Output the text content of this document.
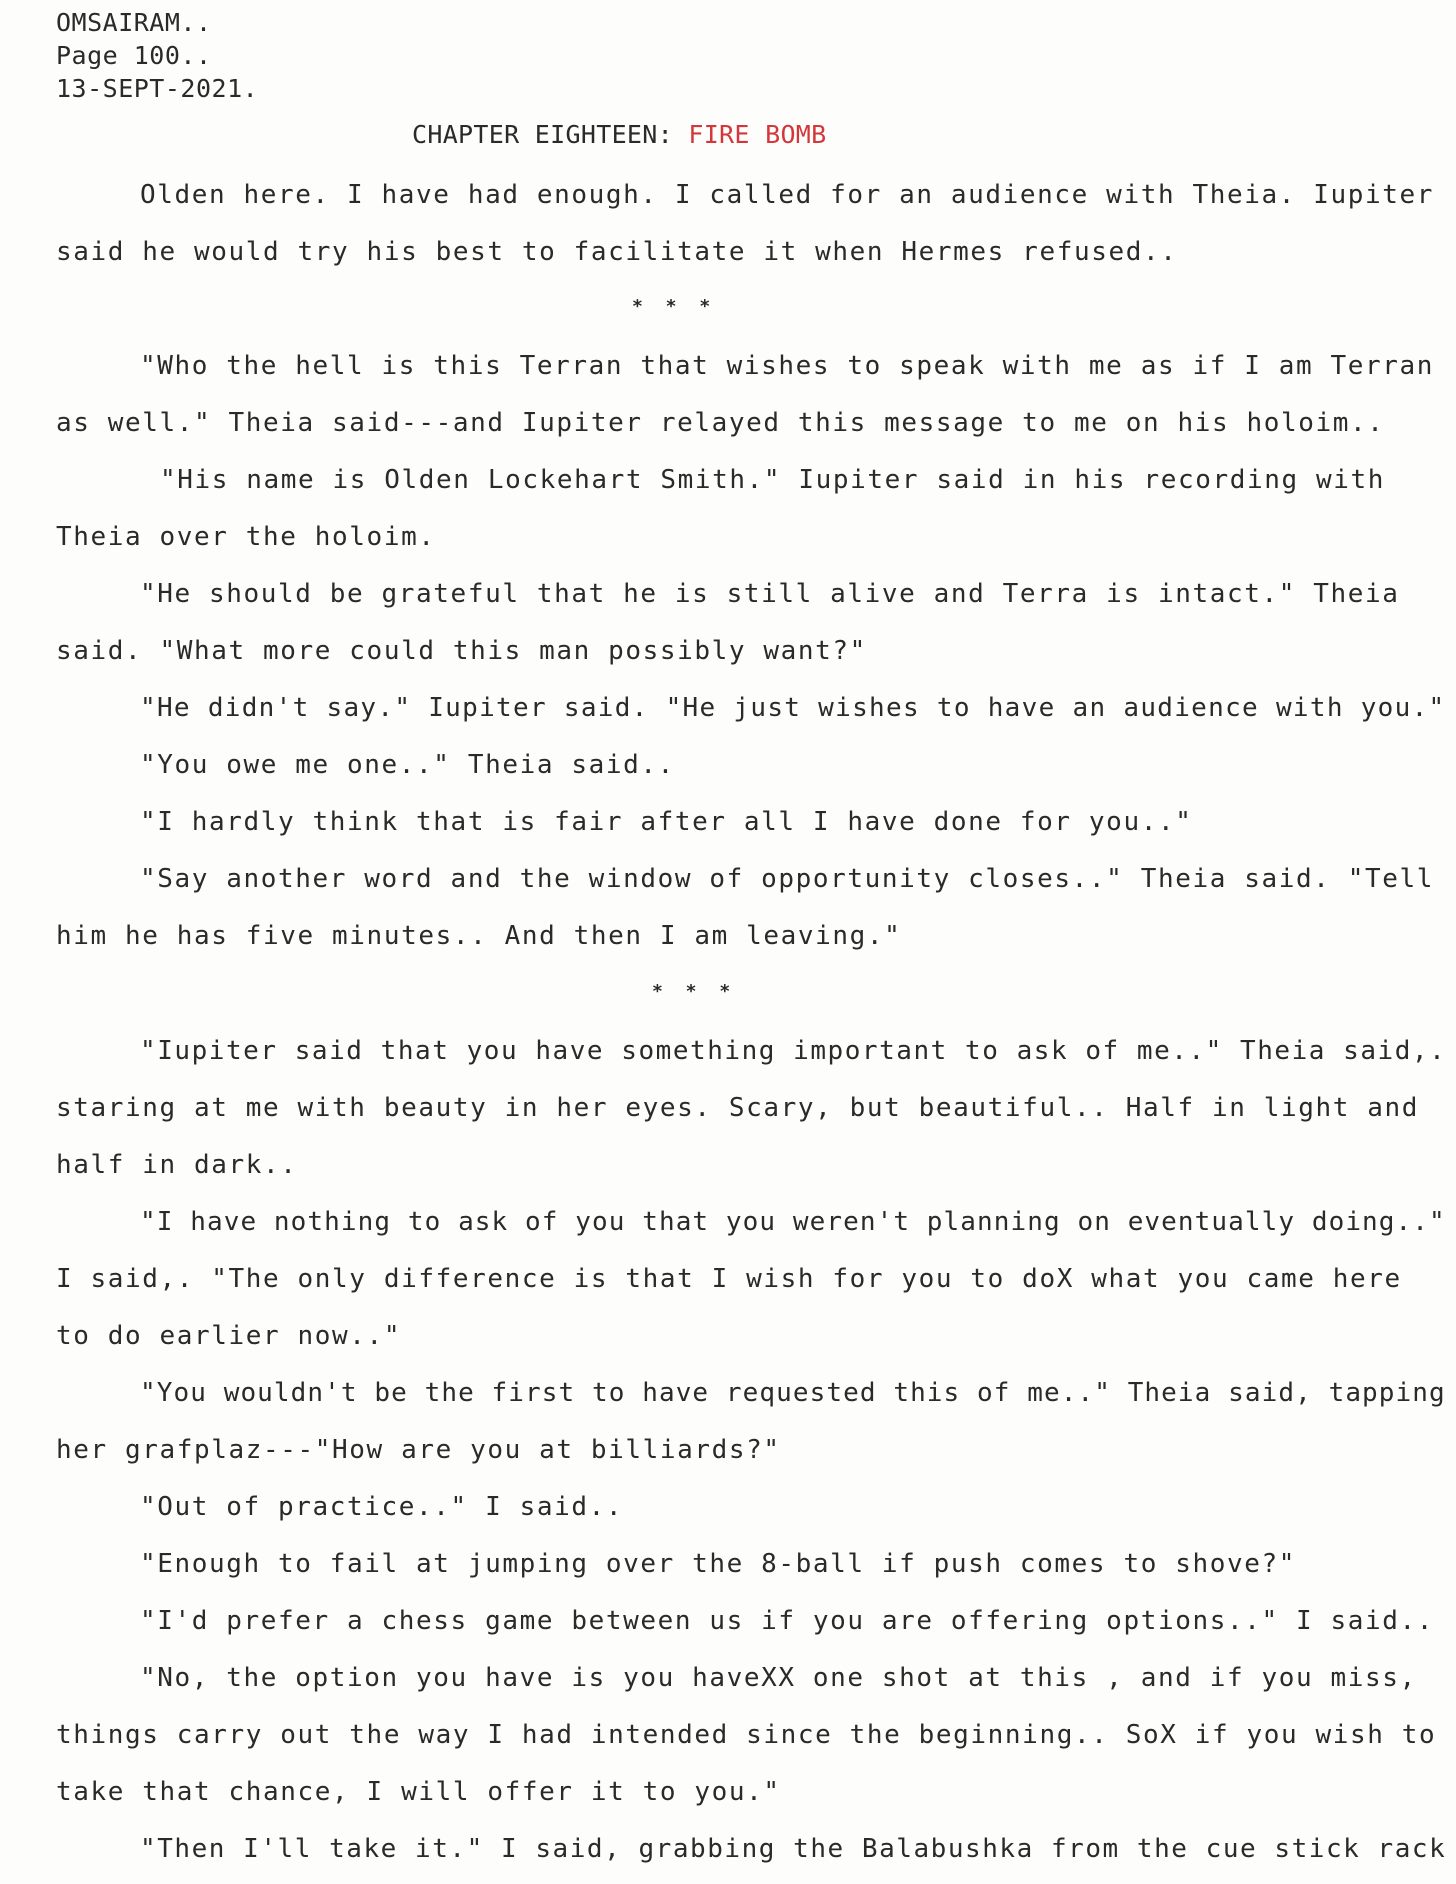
OMSAIRAM..
Page 100..
13-SEPT-2021.
CHAPTER EIGHTEEN: FIRE BOMB
Olden here. I have had enough. I called for an audience with Theia. Iupiter
said he would try his best to facilitate it when Hermes refused..
* * *
"Who the hell is this Terran that wishes to speak with me as if I am Terran
as well." Theia said---and Iupiter relayed this message to me on his holoim..
"His name is Olden Lockehart Smith." Iupiter said in his recording with
Theia over the holoim.
"He should be grateful that he is still alive and Terra is intact." Theia
said. "What more could this man possibly want?"
"He didn't say." Iupiter said. "He just wishes to have an audience with you."
"You owe me one.." Theia said..
"I hardly think that is fair after all I have done for you.."
"Say another word and the window of opportunity closes.." Theia said. "Tell
him he has five minutes.. And then I am leaving."
* * *
"Iupiter said that you have something important to ask of me.." Theia said,.
staring at me with beauty in her eyes. Scary, but beautiful.. Half in light and
half in dark..
"I have nothing to ask of you that you weren't planning on eventually doing.."
I said,. "The only difference is that I wish for you to doX what you came here
to do earlier now.."
"You wouldn't be the first to have requested this of me.." Theia said, tapping
her grafplaz---"How are you at billiards?"
"Out of practice.." I said..
"Enough to fail at jumping over the 8-ball if push comes to shove?"
"I'd prefer a chess game between us if you are offering options.." I said..
"No, the option you have is you haveXX one shot at this , and if you miss,
things carry out the way I had intended since the beginning.. SoX if you wish to
take that chance, I will offer it to you."
"Then I'll take it." I said, grabbing the Balabushka from the cue stick rack
